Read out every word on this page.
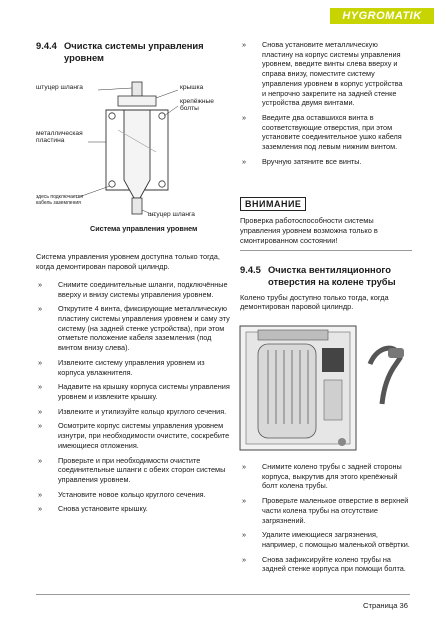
HYGROMATIK
9.4.4 Очистка системы управления уровнем
штуцер шланга	крышка
крепёжные болты
металлическая пластина
здесь подключается кабель заземления
штуцер шланга
Система управления уровнем

Система управления уровнем доступна только тогда, когда демонтирован паровой цилиндр.

»	Снимите соединительные шланги, подключённые вверху и внизу системы управления уровнем.
»	Открутите 4 винта, фиксирующие металлическую пластину системы управления уровнем и саму эту систему (на задней стенке устройства), при этом отметьте положение кабеля заземления (под винтом внизу слева).
»	Извлеките систему управления уровнем из корпуса увлажнителя.
»	Надавите на крышку корпуса системы управления уровнем и извлеките крышку.
»	Извлеките и утилизуйте кольцо круглого сечения.
»	Осмотрите корпус системы управления уровнем изнутри, при необходимости очистите, соскребите имеющиеся отложения.
»	Проверьте и при необходимости очистите соединительные шланги с обеих сторон системы управления уровнем.
»	Установите новое кольцо круглого сечения.
»	Снова установите крышку.
»	Снова установите металлическую пластину на корпус системы управления уровнем, введите винты слева вверху и справа внизу, поместите систему управления уровнем в корпус устройства и непрочно закрепите на задней стенке устройства двумя винтами.
»	Введите два оставшихся винта в соответствующие отверстия, при этом установите соединительное ушко кабеля заземления под левым нижним винтом.
»	Вручную затяните все винты.
ВНИМАНИЕ

Проверка работоспособности системы управления уровнем возможна только в смонтированном состоянии!

9.4.5 Очистка вентиляционного отверстия на колене трубы

Колено трубы доступно только тогда, когда демонтирован паровой цилиндр.

»	Снимите колено трубы с задней стороны корпуса, выкрутив для этого крепёжный болт колена трубы.
»	Проверьте маленькое отверстие в верхней части колена трубы на отсутствие загрязнений.
»	Удалите имеющиеся загрязнения, например, с помощью маленькой отвёртки.
»	Снова зафиксируйте колено трубы на задней стенке корпуса при помощи болта.
Страница 36
